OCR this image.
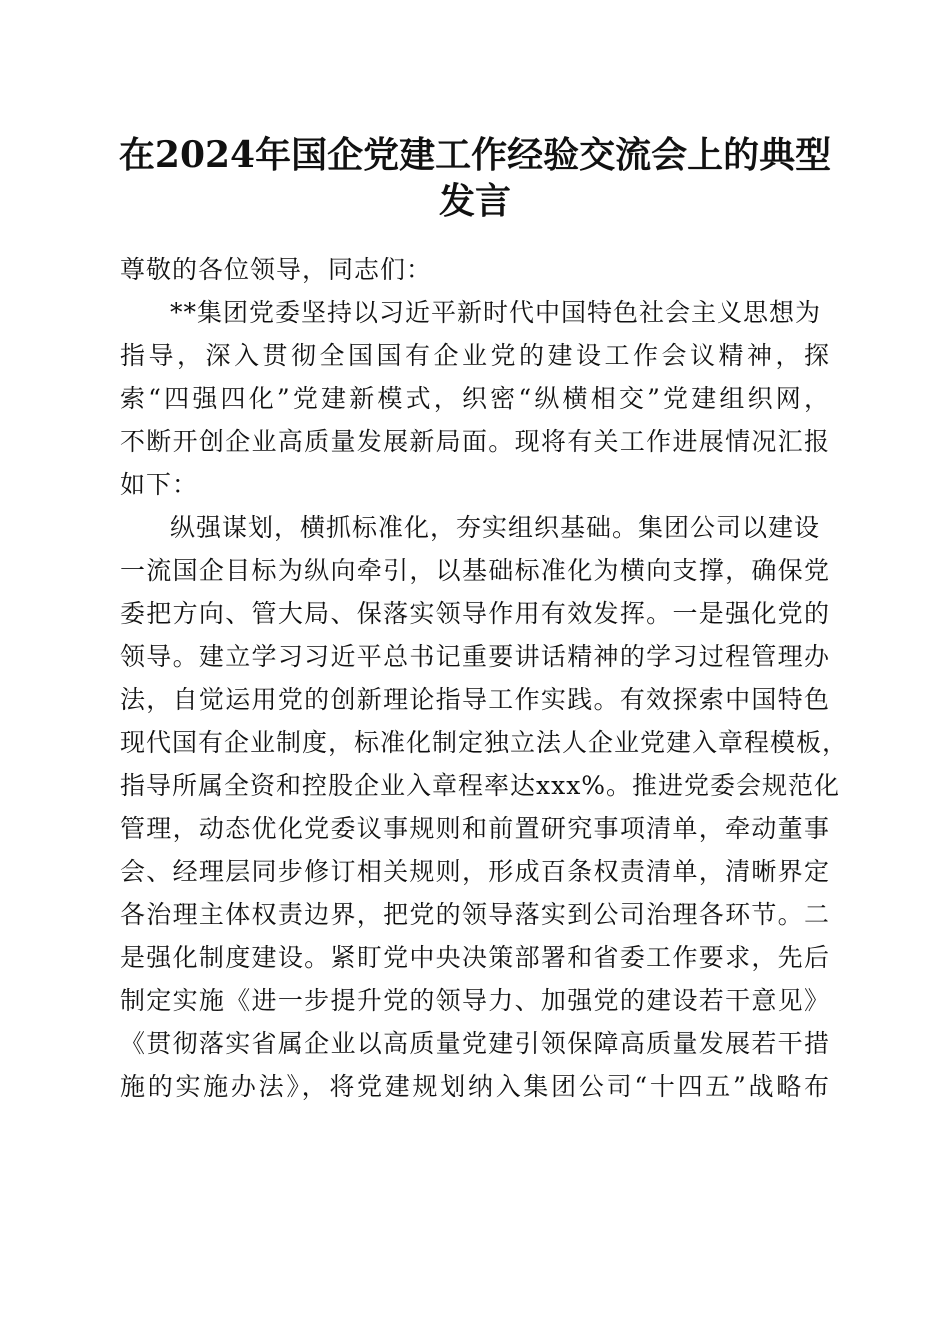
在2024年国企党建工作经验交流会上的典型
发言
尊敬的各位领导，同志们：
**集团党委坚持以习近平新时代中国特色社会主义思想为
指导，深入贯彻全国国有企业党的建设工作会议精神，探
索“四强四化”党建新模式，织密“纵横相交”党建组织网，
不断开创企业高质量发展新局面。现将有关工作进展情况汇报
如下：
纵强谋划，横抓标准化，夯实组织基础。集团公司以建设
一流国企目标为纵向牵引，以基础标准化为横向支撑，确保党
委把方向、管大局、保落实领导作用有效发挥。一是强化党的
领导。建立学习习近平总书记重要讲话精神的学习过程管理办
法，自觉运用党的创新理论指导工作实践。有效探索中国特色
现代国有企业制度，标准化制定独立法人企业党建入章程模板，
指导所属全资和控股企业入章程率达xxx%。推进党委会规范化
管理，动态优化党委议事规则和前置研究事项清单，牵动董事
会、经理层同步修订相关规则，形成百条权责清单，清晰界定
各治理主体权责边界，把党的领导落实到公司治理各环节。二
是强化制度建设。紧盯党中央决策部署和省委工作要求，先后
制定实施《进一步提升党的领导力、加强党的建设若干意见》
《贯彻落实省属企业以高质量党建引领保障高质量发展若干措
施的实施办法》，将党建规划纳入集团公司“十四五”战略布
